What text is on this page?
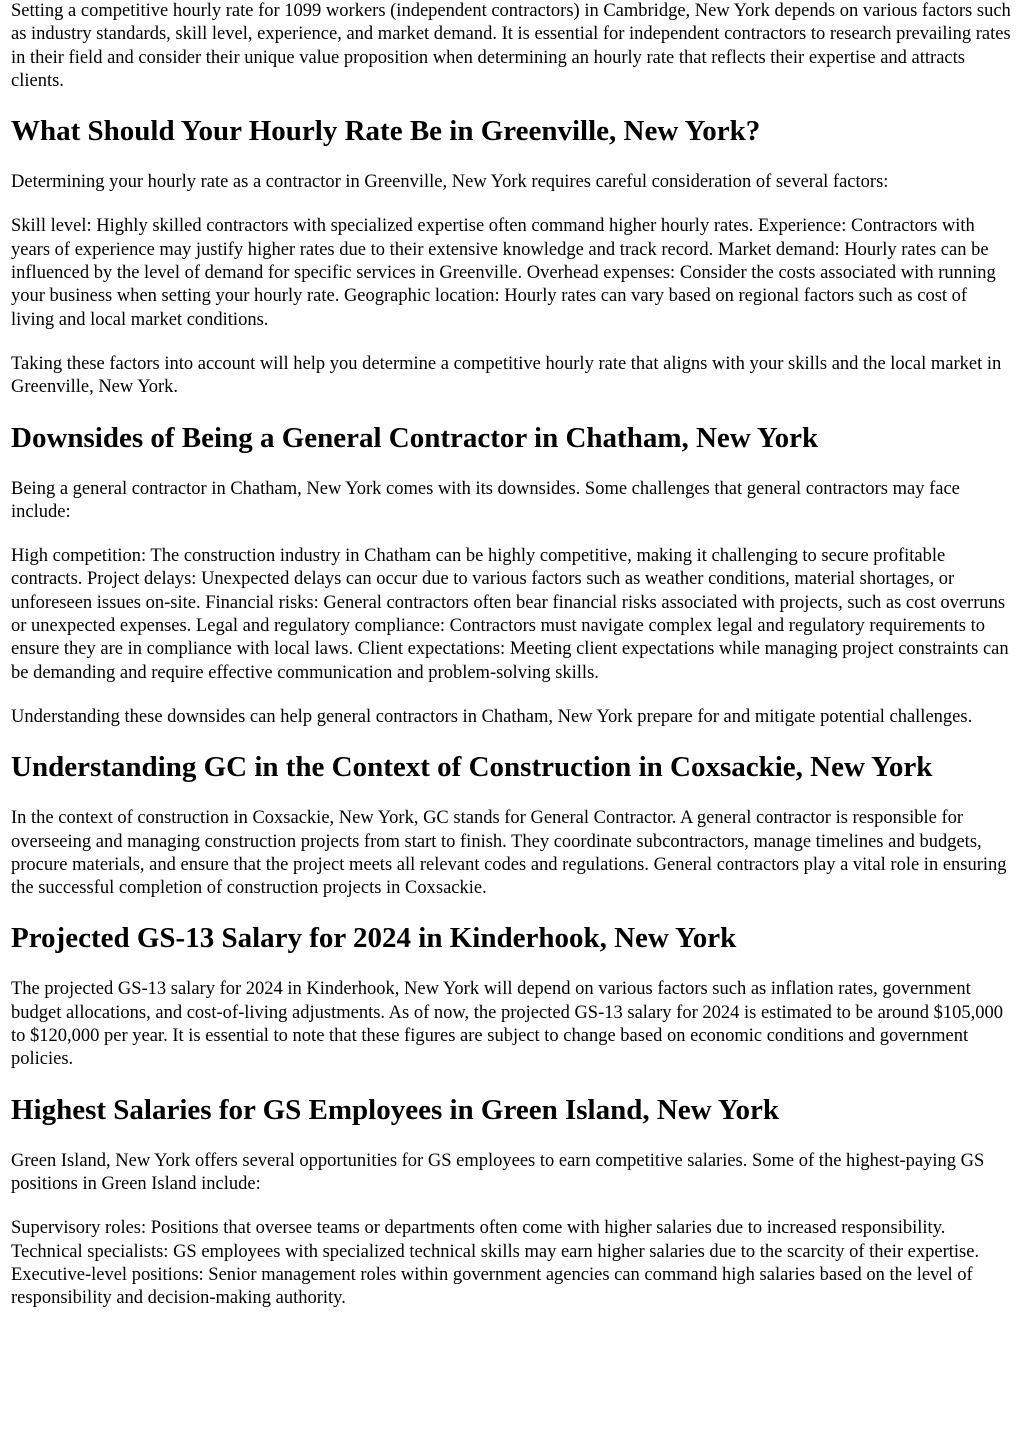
Setting a competitive hourly rate for 1099 workers (independent contractors) in Cambridge, New York depends on various factors such as industry standards, skill level, experience, and market demand. It is essential for independent contractors to research prevailing rates in their field and consider their unique value proposition when determining an hourly rate that reflects their expertise and attracts clients.

What Should Your Hourly Rate Be in Greenville, New York?

Determining your hourly rate as a contractor in Greenville, New York requires careful consideration of several factors:

Skill level: Highly skilled contractors with specialized expertise often command higher hourly rates. Experience: Contractors with years of experience may justify higher rates due to their extensive knowledge and track record. Market demand: Hourly rates can be influenced by the level of demand for specific services in Greenville. Overhead expenses: Consider the costs associated with running your business when setting your hourly rate. Geographic location: Hourly rates can vary based on regional factors such as cost of living and local market conditions.

Taking these factors into account will help you determine a competitive hourly rate that aligns with your skills and the local market in Greenville, New York.

Downsides of Being a General Contractor in Chatham, New York

Being a general contractor in Chatham, New York comes with its downsides. Some challenges that general contractors may face include:

High competition: The construction industry in Chatham can be highly competitive, making it challenging to secure profitable contracts. Project delays: Unexpected delays can occur due to various factors such as weather conditions, material shortages, or unforeseen issues on-site. Financial risks: General contractors often bear financial risks associated with projects, such as cost overruns or unexpected expenses. Legal and regulatory compliance: Contractors must navigate complex legal and regulatory requirements to ensure they are in compliance with local laws. Client expectations: Meeting client expectations while managing project constraints can be demanding and require effective communication and problem-solving skills.

Understanding these downsides can help general contractors in Chatham, New York prepare for and mitigate potential challenges.

Understanding GC in the Context of Construction in Coxsackie, New York

In the context of construction in Coxsackie, New York, GC stands for General Contractor. A general contractor is responsible for overseeing and managing construction projects from start to finish. They coordinate subcontractors, manage timelines and budgets, procure materials, and ensure that the project meets all relevant codes and regulations. General contractors play a vital role in ensuring the successful completion of construction projects in Coxsackie.

Projected GS-13 Salary for 2024 in Kinderhook, New York

The projected GS-13 salary for 2024 in Kinderhook, New York will depend on various factors such as inflation rates, government budget allocations, and cost-of-living adjustments. As of now, the projected GS-13 salary for 2024 is estimated to be around $105,000 to $120,000 per year. It is essential to note that these figures are subject to change based on economic conditions and government policies.

Highest Salaries for GS Employees in Green Island, New York

Green Island, New York offers several opportunities for GS employees to earn competitive salaries. Some of the highest-paying GS positions in Green Island include:

Supervisory roles: Positions that oversee teams or departments often come with higher salaries due to increased responsibility. Technical specialists: GS employees with specialized technical skills may earn higher salaries due to the scarcity of their expertise. Executive-level positions: Senior management roles within government agencies can command high salaries based on the level of responsibility and decision-making authority.
